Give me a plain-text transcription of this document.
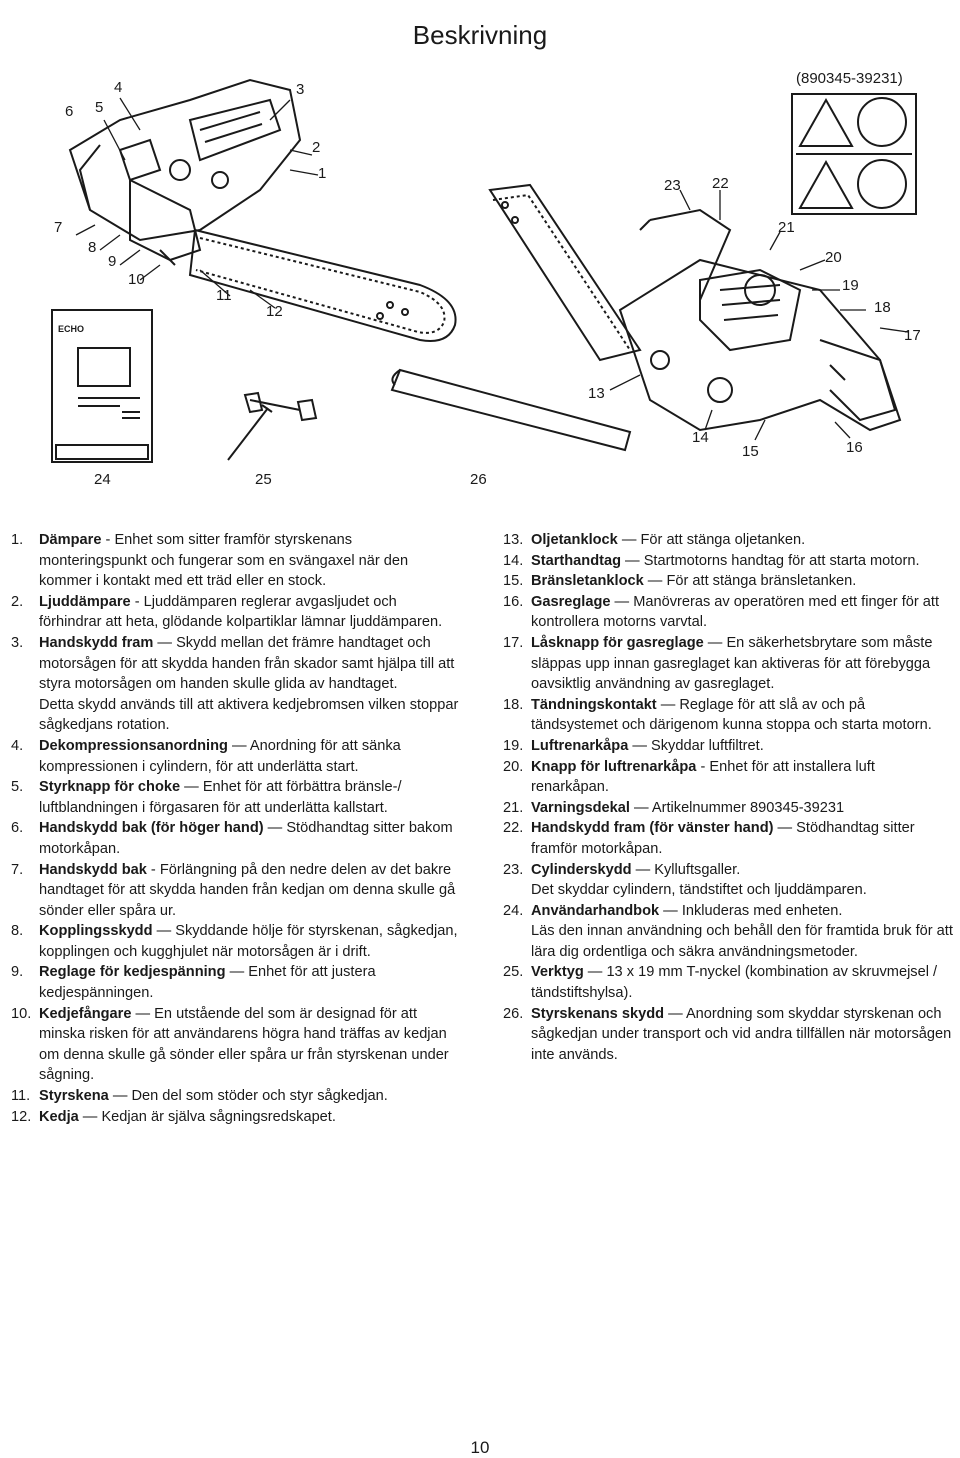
Beskrivning
(890345-39231)
ECHO
6 5
4	3
2
1
7
8
9
10
11
12
23 22
21
20
19
18
17
13
14
15	16
24	25	26
1. Dämpare - Enhet som sitter framför styrskenans monteringspunkt och fungerar som en svängaxel när den kommer i kontakt med ett träd eller en stock.
2. Ljuddämpare - Ljuddämparen reglerar avgasljudet och förhindrar att heta, glödande kolpartiklar lämnar ljuddämparen.
3. Handskydd fram — Skydd mellan det främre handtaget och motorsågen för att skydda handen från skador samt hjälpa till att styra motorsågen om handen skulle glida av handtaget.
Detta skydd används till att aktivera kedjebromsen vilken stoppar sågkedjans rotation.
4. Dekompressionsanordning — Anordning för att sänka kompressionen i cylindern, för att underlätta start.
5. Styrknapp för choke — Enhet för att förbättra bränsle-/ luftblandningen i förgasaren för att underlätta kallstart.
6. Handskydd bak (för höger hand) — Stödhandtag sitter bakom motorkåpan.
7. Handskydd bak - Förlängning på den nedre delen av det bakre handtaget för att skydda handen från kedjan om denna skulle gå sönder eller spåra ur.
8. Kopplingsskydd — Skyddande hölje för styrskenan, sågkedjan, kopplingen och kugghjulet när motorsågen är i drift.
9. Reglage för kedjespänning — Enhet för att justera kedjespänningen.
10. Kedjefångare — En utstående del som är designad för att minska risken för att användarens högra hand träffas av kedjan om denna skulle gå sönder eller spåra ur från styrskenan under sågning.
11. Styrskena — Den del som stöder och styr sågkedjan.
12. Kedja — Kedjan är själva sågningsredskapet.
13. Oljetanklock — För att stänga oljetanken.
14. Starthandtag — Startmotorns handtag för att starta motorn.
15. Bränsletanklock — För att stänga bränsletanken.
16. Gasreglage — Manövreras av operatören med ett finger för att kontrollera motorns varvtal.
17. Låsknapp för gasreglage — En säkerhetsbrytare som måste släppas upp innan gasreglaget kan aktiveras för att förebygga oavsiktlig användning av gasreglaget.
18. Tändningskontakt — Reglage för att slå av och på tändsystemet och därigenom kunna stoppa och starta motorn.
19. Luftrenarkåpa — Skyddar luftfiltret.
20. Knapp för luftrenarkåpa - Enhet för att installera luft renarkåpan.
21. Varningsdekal — Artikelnummer 890345-39231
22. Handskydd fram (för vänster hand) — Stödhandtag sitter framför motorkåpan.
23. Cylinderskydd — Kylluftsgaller.
Det skyddar cylindern, tändstiftet och ljuddämparen.
24. Användarhandbok — Inkluderas med enheten.
Läs den innan användning och behåll den för framtida bruk för att lära dig ordentliga och säkra användningsmetoder.
25. Verktyg — 13 x 19 mm T-nyckel (kombination av skruvmejsel / tändstiftshylsa).
26. Styrskenans skydd — Anordning som skyddar styrskenan och sågkedjan under transport och vid andra tillfällen när motorsågen inte används.
10
